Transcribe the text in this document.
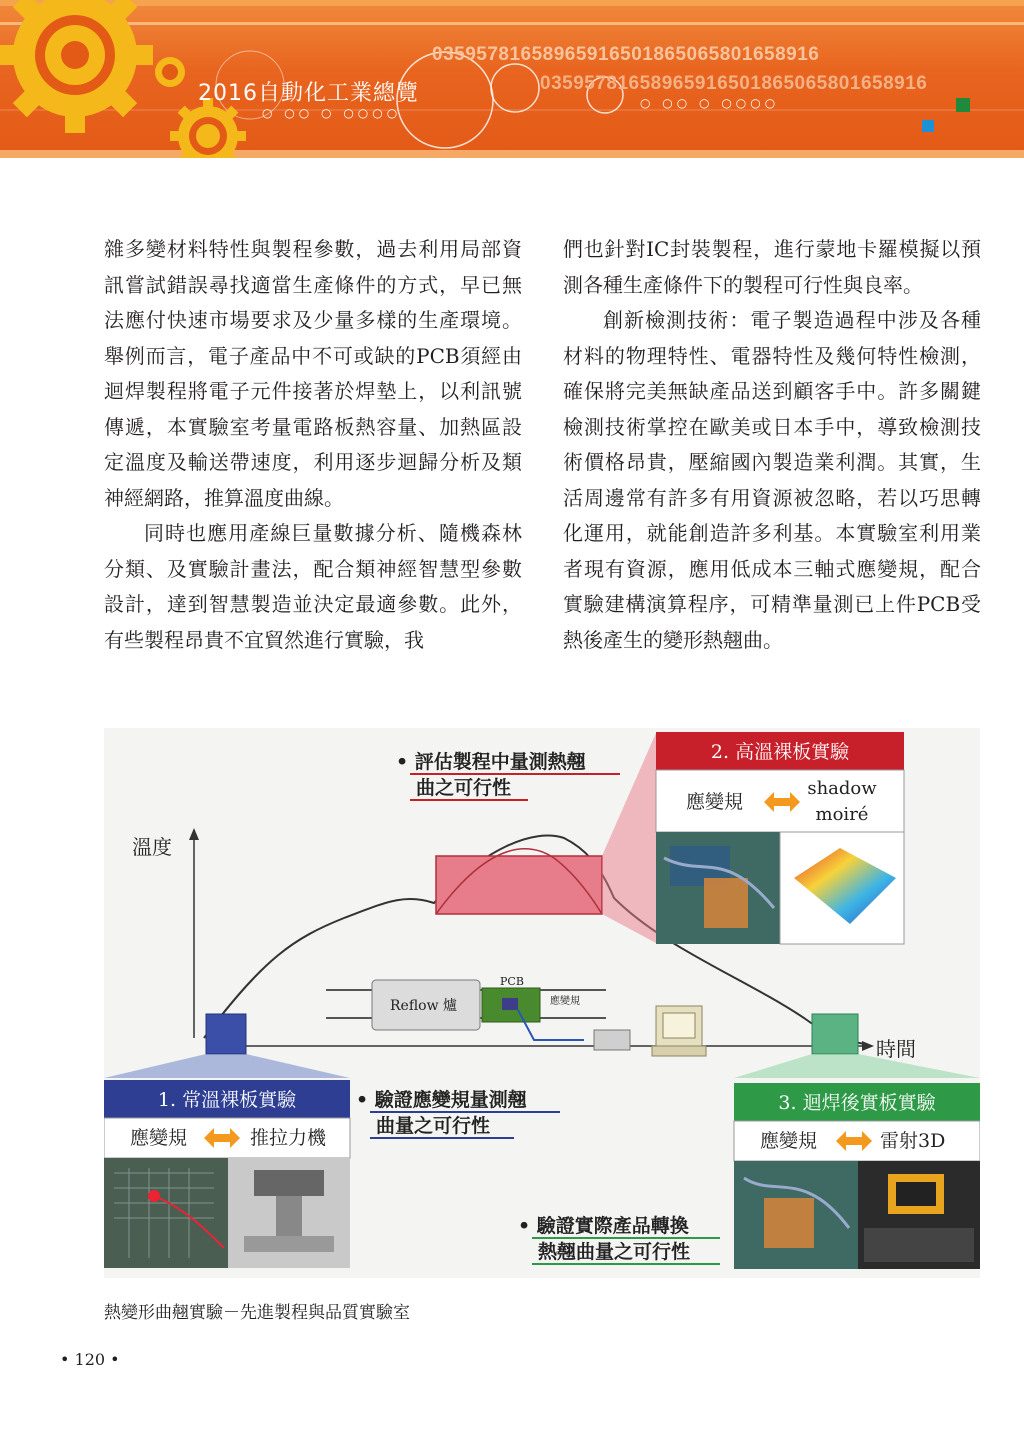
03595781658965916501865065801658916
03595781658965916501865065801658916
2016自動化工業總覽
○ ○○ ○ ○○○○
○ ○○ ○ ○○○○

雜多變材料特性與製程參數，過去利用局部資訊嘗試錯誤尋找適當生產條件的方式，早已無法應付快速市場要求及少量多樣的生產環境。舉例而言，電子產品中不可或缺的PCB須經由迴焊製程將電子元件接著於焊墊上，以利訊號傳遞，本實驗室考量電路板熱容量、加熱區設定溫度及輸送帶速度，利用逐步迴歸分析及類神經網路，推算溫度曲線。

同時也應用產線巨量數據分析、隨機森林分類、及實驗計畫法，配合類神經智慧型參數設計，達到智慧製造並決定最適參數。此外，有些製程昂貴不宜貿然進行實驗，我

們也針對IC封裝製程，進行蒙地卡羅模擬以預測各種生產條件下的製程可行性與良率。

創新檢測技術：電子製造過程中涉及各種材料的物理特性、電器特性及幾何特性檢測，確保將完美無缺產品送到顧客手中。許多關鍵檢測技術掌控在歐美或日本手中，導致檢測技術價格昂貴，壓縮國內製造業利潤。其實，生活周邊常有許多有用資源被忽略，若以巧思轉化運用，就能創造許多利基。本實驗室利用業者現有資源，應用低成本三軸式應變規，配合實驗建構演算程序，可精準量測已上件PCB受熱後產生的變形熱翹曲。

溫度
時間
Reflow 爐
PCB
應變規
• 評估製程中量測熱翹
曲之可行性
• 驗證應變規量測翹
曲量之可行性
• 驗證實際產品轉換
熱翹曲量之可行性
2. 高溫裸板實驗
應變規
shadow
moiré
1. 常溫裸板實驗
應變規	推拉力機
3. 迴焊後實板實驗
應變規	雷射3D
熱變形曲翹實驗－先進製程與品質實驗室
• 120 •
